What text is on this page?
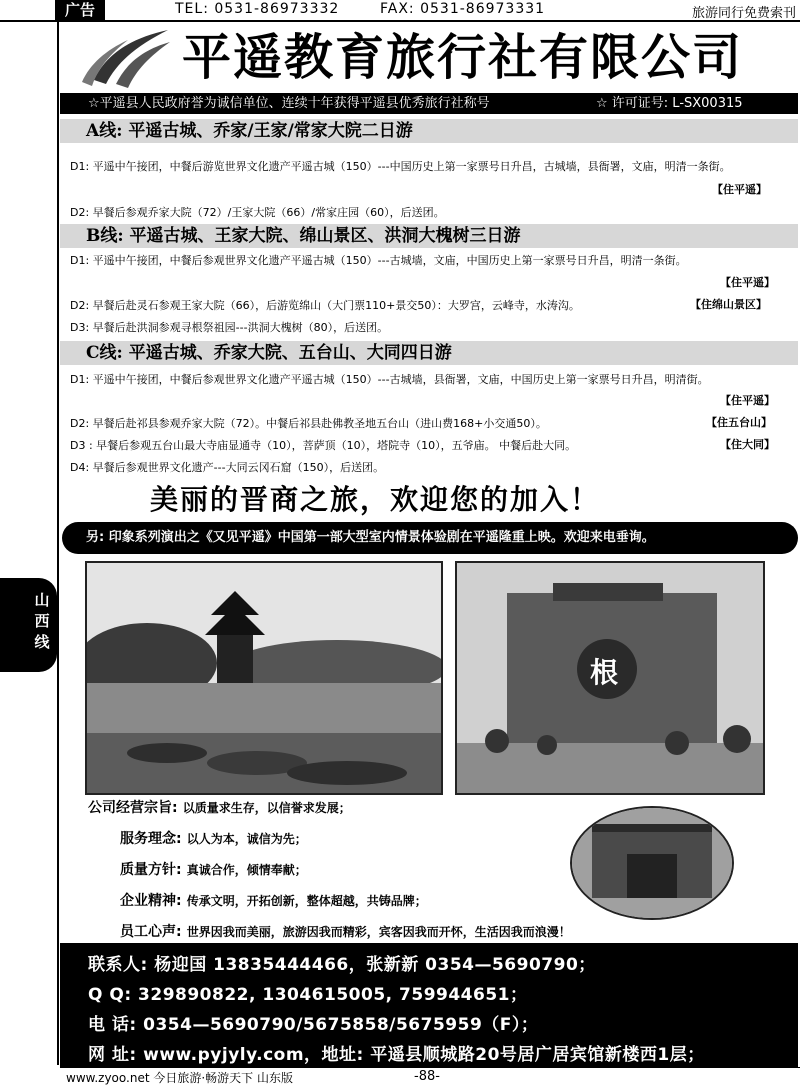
广告	TEL: 0531-86973332	FAX: 0531-86973331	旅游同行免费索刊
山西线
平遥教育旅行社有限公司
☆平遥县人民政府誉为诚信单位、连续十年获得平遥县优秀旅行社称号	☆ 许可证号: L-SX00315
A线: 平遥古城、乔家/王家/常家大院二日游
D1: 平遥中午接团，中餐后游览世界文化遗产平遥古城（150）---中国历史上第一家票号日升昌，古城墙，县衙署，文庙，明清一条街。
【住平遥】
D2: 早餐后参观乔家大院（72）/王家大院（66）/常家庄园（60），后送团。
B线: 平遥古城、王家大院、绵山景区、洪洞大槐树三日游
D1: 平遥中午接团，中餐后参观世界文化遗产平遥古城（150）---古城墙，文庙，中国历史上第一家票号日升昌，明清一条街。
【住平遥】
D2: 早餐后赴灵石参观王家大院（66），后游览绵山（大门票110+景交50）：大罗宫，云峰寺，水涛沟。	【住绵山景区】
D3: 早餐后赴洪洞参观寻根祭祖园---洪洞大槐树（80），后送团。
C线: 平遥古城、乔家大院、五台山、大同四日游
D1: 平遥中午接团，中餐后参观世界文化遗产平遥古城（150）---古城墙，县衙署，文庙，中国历史上第一家票号日升昌，明清街。
【住平遥】
D2: 早餐后赴祁县参观乔家大院（72）。中餐后祁县赴佛教圣地五台山（进山费168+小交通50）。	【住五台山】
D3 : 早餐后参观五台山最大寺庙显通寺（10），菩萨顶（10），塔院寺（10），五爷庙。 中餐后赴大同。	【住大同】
D4: 早餐后参观世界文化遗产---大同云冈石窟（150），后送团。
美丽的晋商之旅，欢迎您的加入！
另: 印象系列演出之《又见平遥》中国第一部大型室内情景体验剧在平遥隆重上映。欢迎来电垂询。
根
公司经营宗旨: 以质量求生存，以信誉求发展；
服务理念: 以人为本，诚信为先；
质量方针: 真诚合作，倾情奉献；
企业精神: 传承文明，开拓创新，整体超越，共铸品牌；
员工心声: 世界因我而美丽，旅游因我而精彩，宾客因我而开怀，生活因我而浪漫！
联系人: 杨迎国 13835444466，张新新 0354—5690790；
Q Q: 329890822, 1304615005, 759944651；
电 话: 0354—5690790/5675858/5675959（F）；
网 址: www.pyjyly.com，地址: 平遥县顺城路20号居广居宾馆新楼西1层；
www.zyoo.net 今日旅游·畅游天下 山东版	-88-
